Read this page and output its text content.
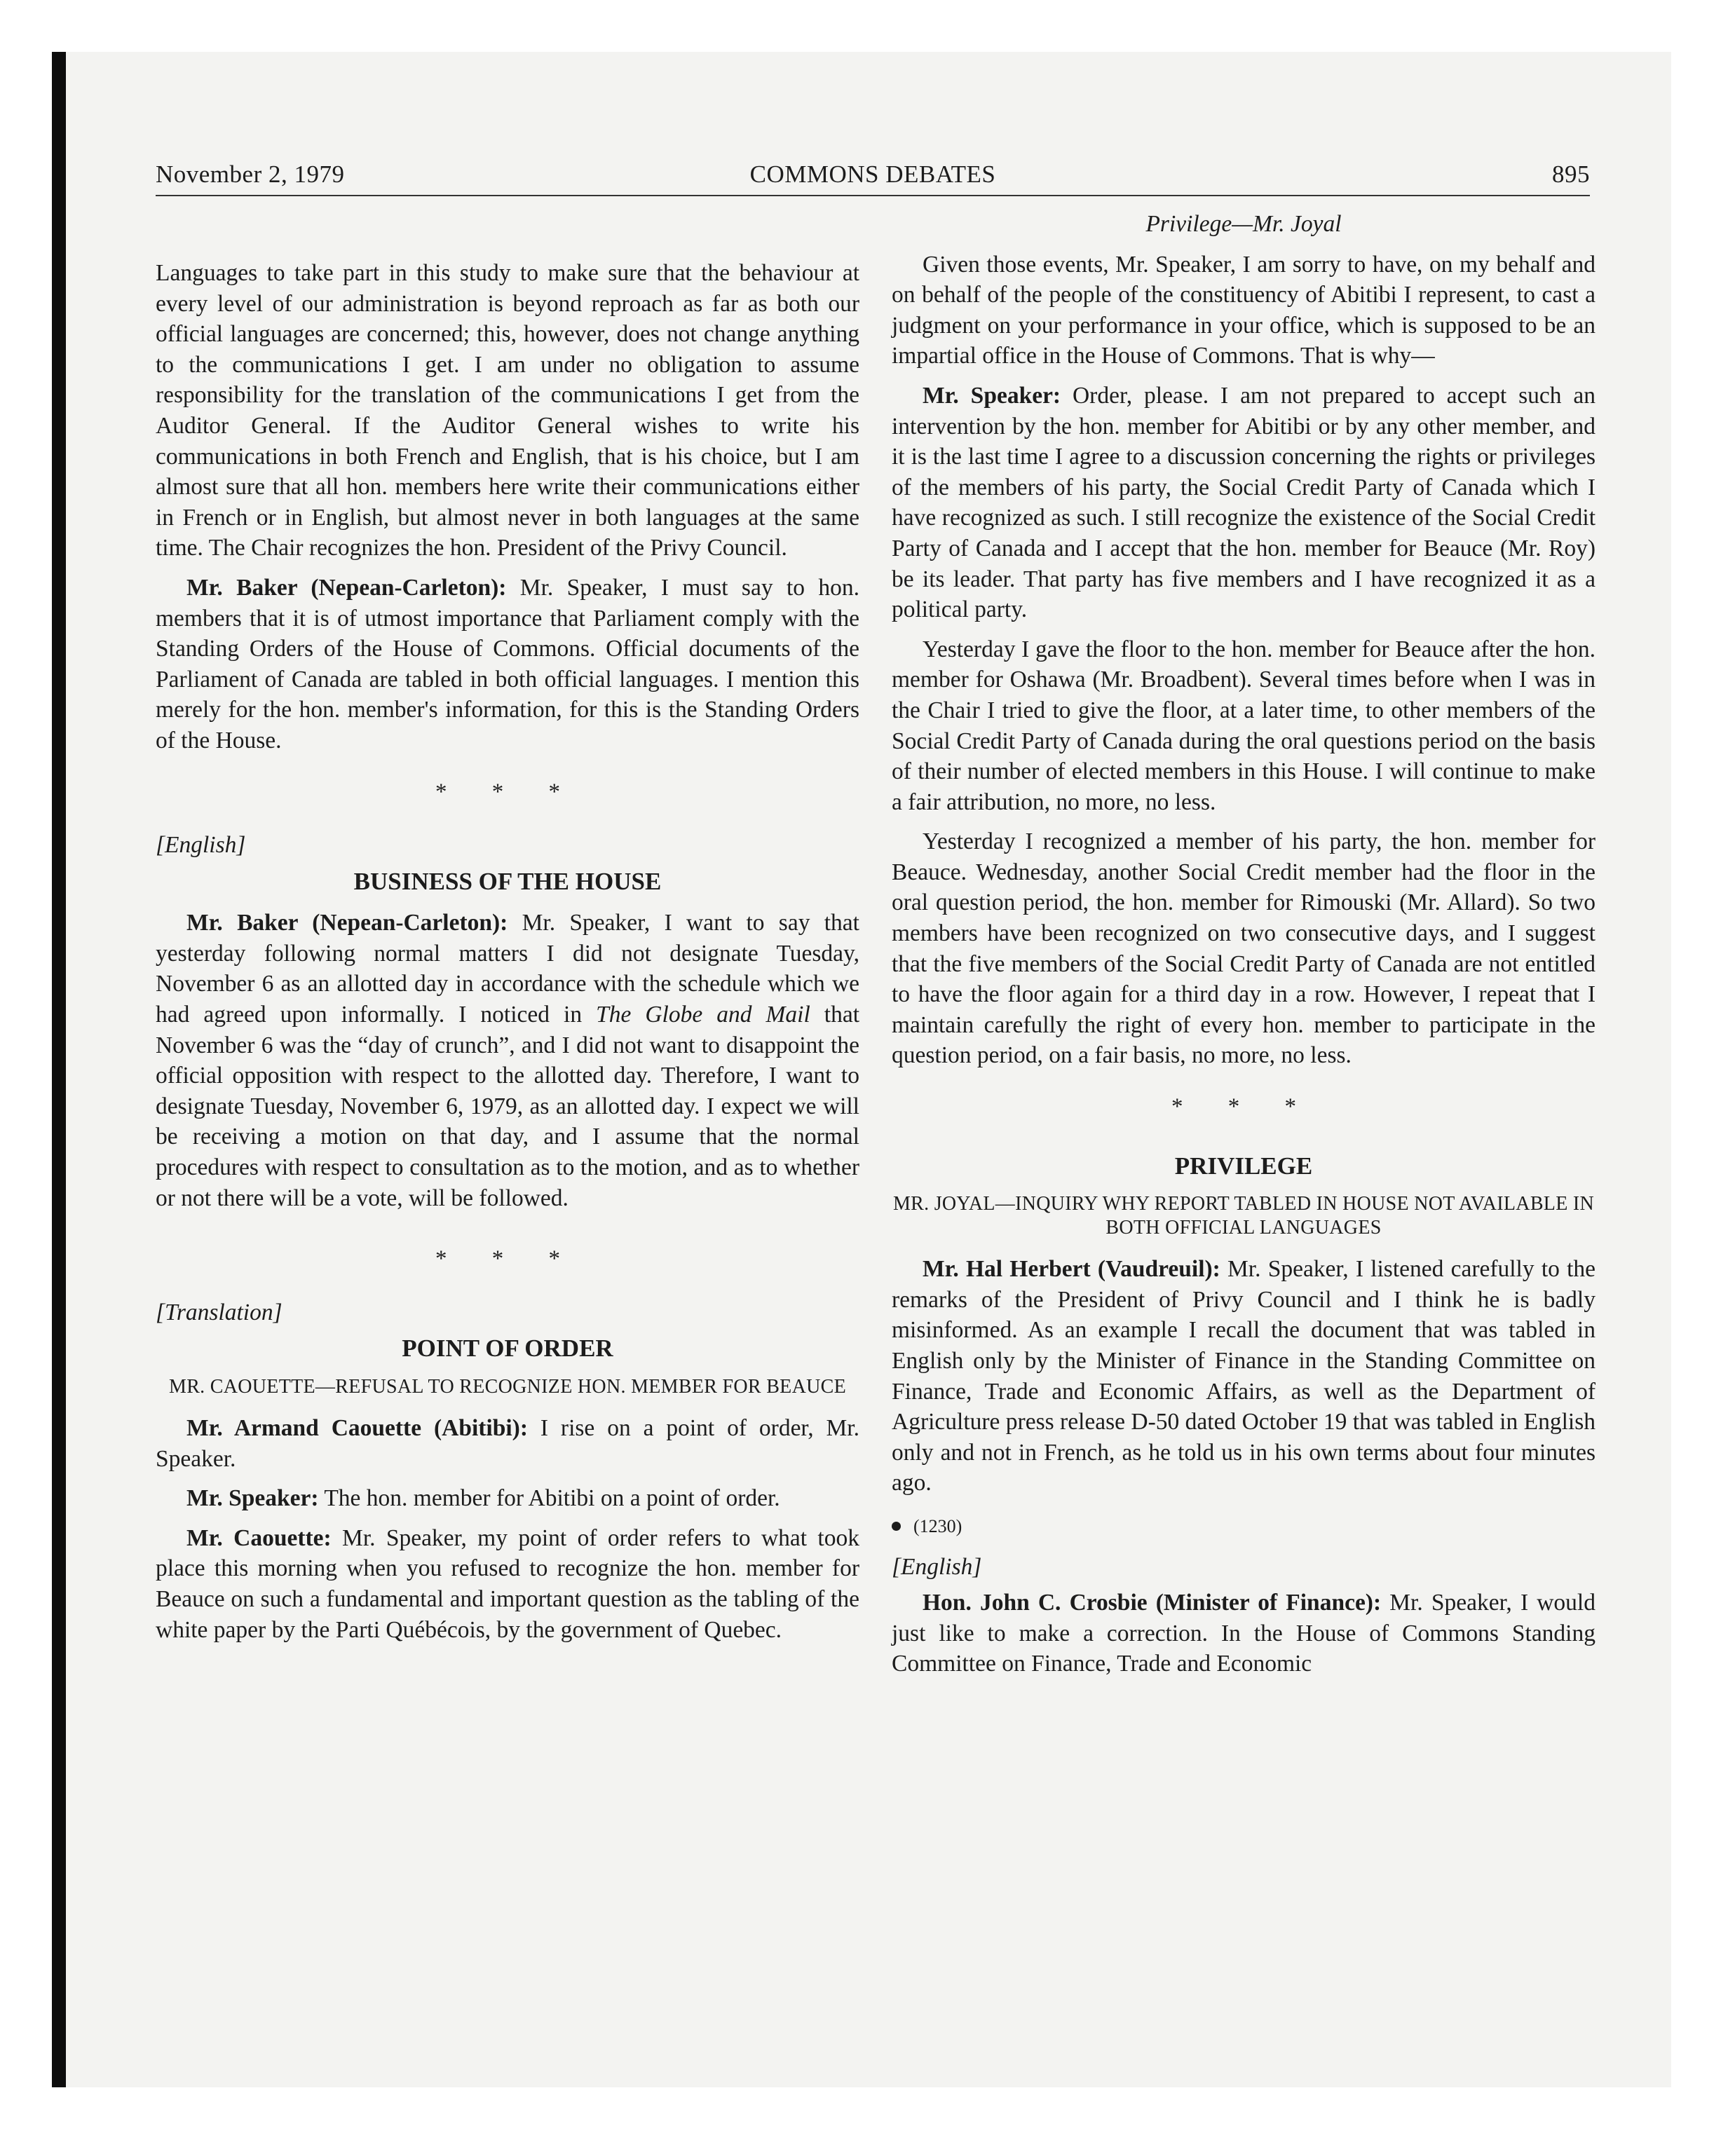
November 2, 1979	COMMONS DEBATES	895

Languages to take part in this study to make sure that the behaviour at every level of our administration is beyond reproach as far as both our official languages are concerned; this, however, does not change anything to the communications I get. I am under no obligation to assume responsibility for the translation of the communications I get from the Auditor General. If the Auditor General wishes to write his communications in both French and English, that is his choice, but I am almost sure that all hon. members here write their communications either in French or in English, but almost never in both languages at the same time. The Chair recognizes the hon. President of the Privy Council.

Mr. Baker (Nepean-Carleton): Mr. Speaker, I must say to hon. members that it is of utmost importance that Parliament comply with the Standing Orders of the House of Commons. Official documents of the Parliament of Canada are tabled in both official languages. I mention this merely for the hon. member's information, for this is the Standing Orders of the House.

* * *
[English]
BUSINESS OF THE HOUSE

Mr. Baker (Nepean-Carleton): Mr. Speaker, I want to say that yesterday following normal matters I did not designate Tuesday, November 6 as an allotted day in accordance with the schedule which we had agreed upon informally. I noticed in The Globe and Mail that November 6 was the “day of crunch”, and I did not want to disappoint the official opposition with respect to the allotted day. Therefore, I want to designate Tuesday, November 6, 1979, as an allotted day. I expect we will be receiving a motion on that day, and I assume that the normal procedures with respect to consultation as to the motion, and as to whether or not there will be a vote, will be followed.

* * *
[Translation]
POINT OF ORDER
MR. CAOUETTE—REFUSAL TO RECOGNIZE HON. MEMBER FOR BEAUCE

Mr. Armand Caouette (Abitibi): I rise on a point of order, Mr. Speaker.

Mr. Speaker: The hon. member for Abitibi on a point of order.

Mr. Caouette: Mr. Speaker, my point of order refers to what took place this morning when you refused to recognize the hon. member for Beauce on such a fundamental and important question as the tabling of the white paper by the Parti Québécois, by the government of Quebec.

Privilege—Mr. Joyal

Given those events, Mr. Speaker, I am sorry to have, on my behalf and on behalf of the people of the constituency of Abitibi I represent, to cast a judgment on your performance in your office, which is supposed to be an impartial office in the House of Commons. That is why—

Mr. Speaker: Order, please. I am not prepared to accept such an intervention by the hon. member for Abitibi or by any other member, and it is the last time I agree to a discussion concerning the rights or privileges of the members of his party, the Social Credit Party of Canada which I have recognized as such. I still recognize the existence of the Social Credit Party of Canada and I accept that the hon. member for Beauce (Mr. Roy) be its leader. That party has five members and I have recognized it as a political party.

Yesterday I gave the floor to the hon. member for Beauce after the hon. member for Oshawa (Mr. Broadbent). Several times before when I was in the Chair I tried to give the floor, at a later time, to other members of the Social Credit Party of Canada during the oral questions period on the basis of their number of elected members in this House. I will continue to make a fair attribution, no more, no less.

Yesterday I recognized a member of his party, the hon. member for Beauce. Wednesday, another Social Credit member had the floor in the oral question period, the hon. member for Rimouski (Mr. Allard). So two members have been recognized on two consecutive days, and I suggest that the five members of the Social Credit Party of Canada are not entitled to have the floor again for a third day in a row. However, I repeat that I maintain carefully the right of every hon. member to participate in the question period, on a fair basis, no more, no less.

* * *
PRIVILEGE
MR. JOYAL—INQUIRY WHY REPORT TABLED IN HOUSE NOT AVAILABLE IN BOTH OFFICIAL LANGUAGES

Mr. Hal Herbert (Vaudreuil): Mr. Speaker, I listened carefully to the remarks of the President of Privy Council and I think he is badly misinformed. As an example I recall the document that was tabled in English only by the Minister of Finance in the Standing Committee on Finance, Trade and Economic Affairs, as well as the Department of Agriculture press release D-50 dated October 19 that was tabled in English only and not in French, as he told us in his own terms about four minutes ago.

(1230)
[English]

Hon. John C. Crosbie (Minister of Finance): Mr. Speaker, I would just like to make a correction. In the House of Commons Standing Committee on Finance, Trade and Economic
